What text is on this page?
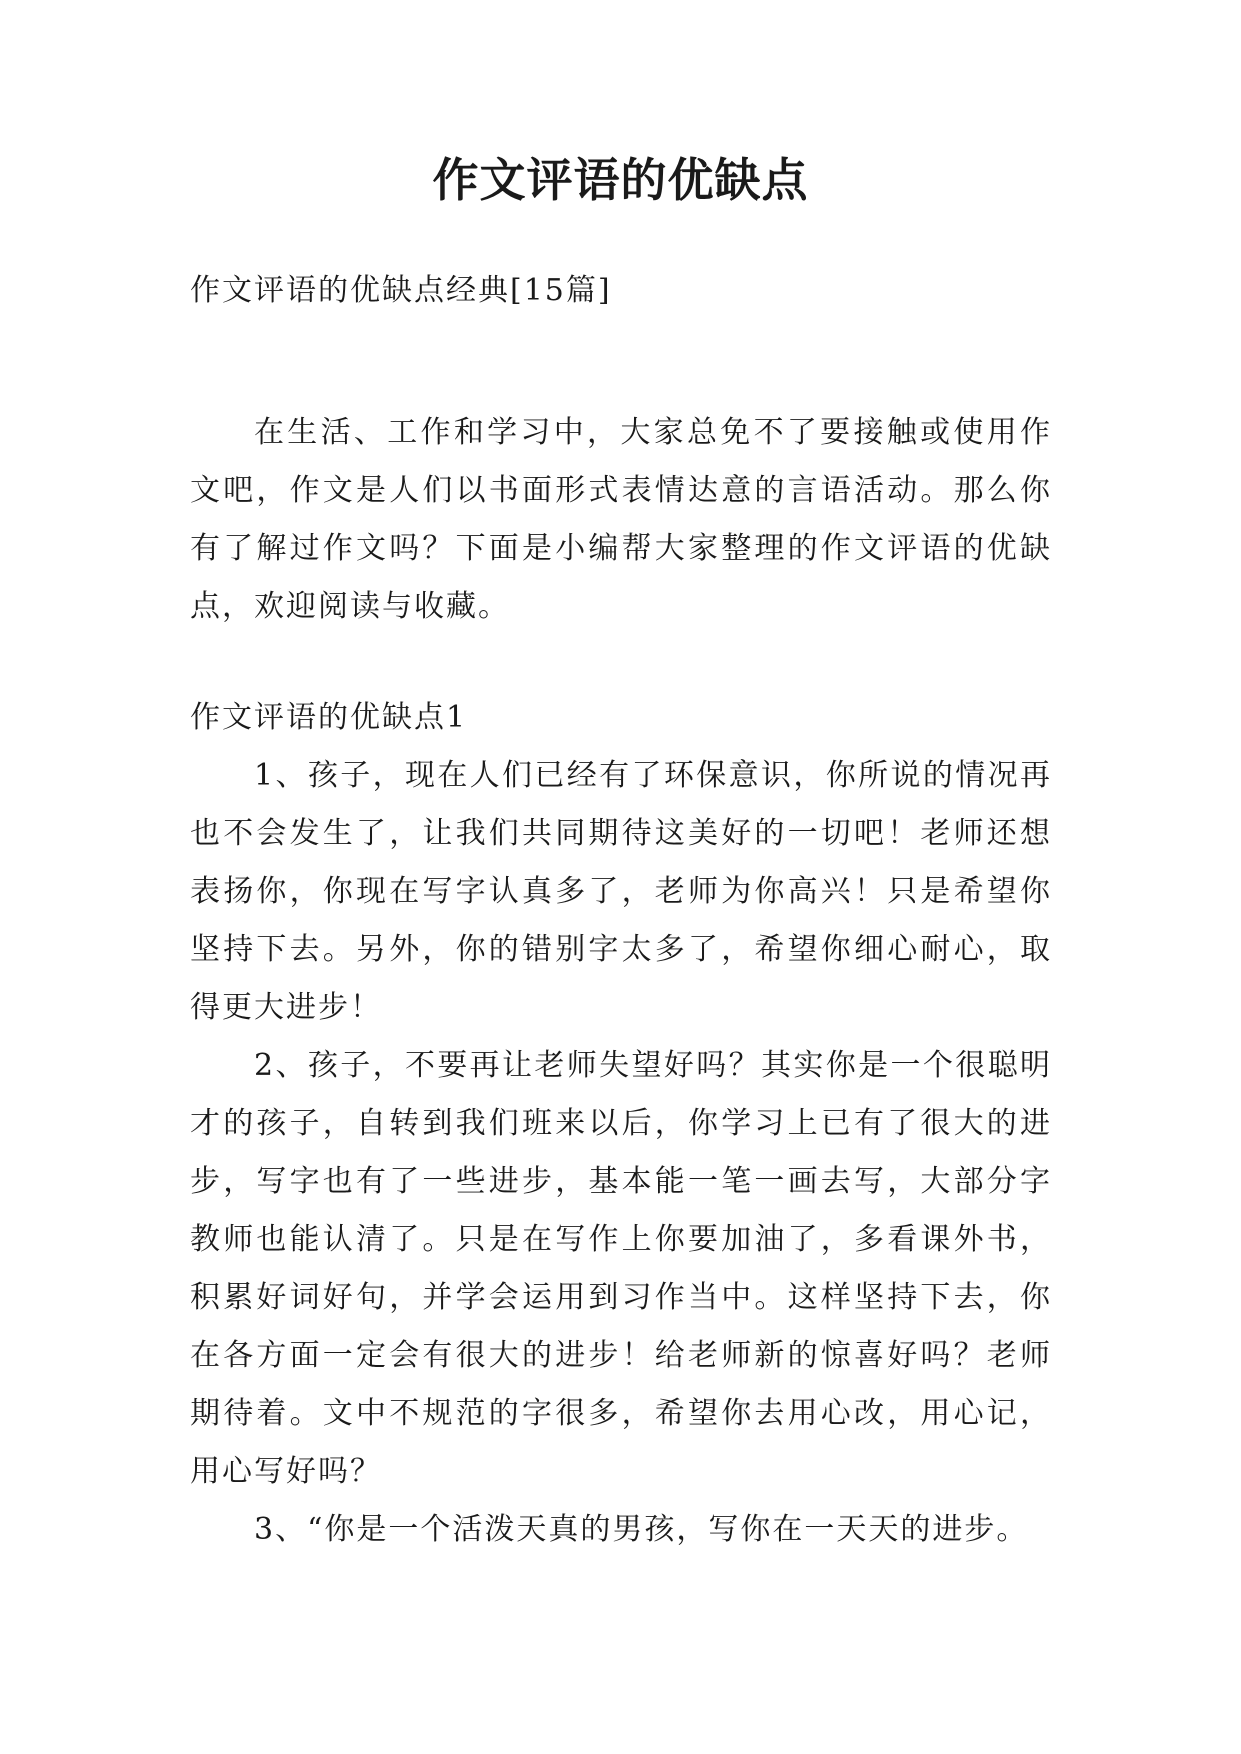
作文评语的优缺点
作文评语的优缺点经典[15篇]

在生活、工作和学习中，大家总免不了要接触或使用作文吧，作文是人们以书面形式表情达意的言语活动。那么你有了解过作文吗？下面是小编帮大家整理的作文评语的优缺点，欢迎阅读与收藏。

作文评语的优缺点1

1、孩子，现在人们已经有了环保意识，你所说的情况再也不会发生了，让我们共同期待这美好的一切吧！老师还想表扬你，你现在写字认真多了，老师为你高兴！只是希望你坚持下去。另外，你的错别字太多了，希望你细心耐心，取得更大进步！

2、孩子，不要再让老师失望好吗？其实你是一个很聪明才的孩子，自转到我们班来以后，你学习上已有了很大的进步，写字也有了一些进步，基本能一笔一画去写，大部分字教师也能认清了。只是在写作上你要加油了，多看课外书，积累好词好句，并学会运用到习作当中。这样坚持下去，你在各方面一定会有很大的进步！给老师新的惊喜好吗？老师期待着。文中不规范的字很多，希望你去用心改，用心记，用心写好吗？

3、“你是一个活泼天真的男孩，写你在一天天的进步。
